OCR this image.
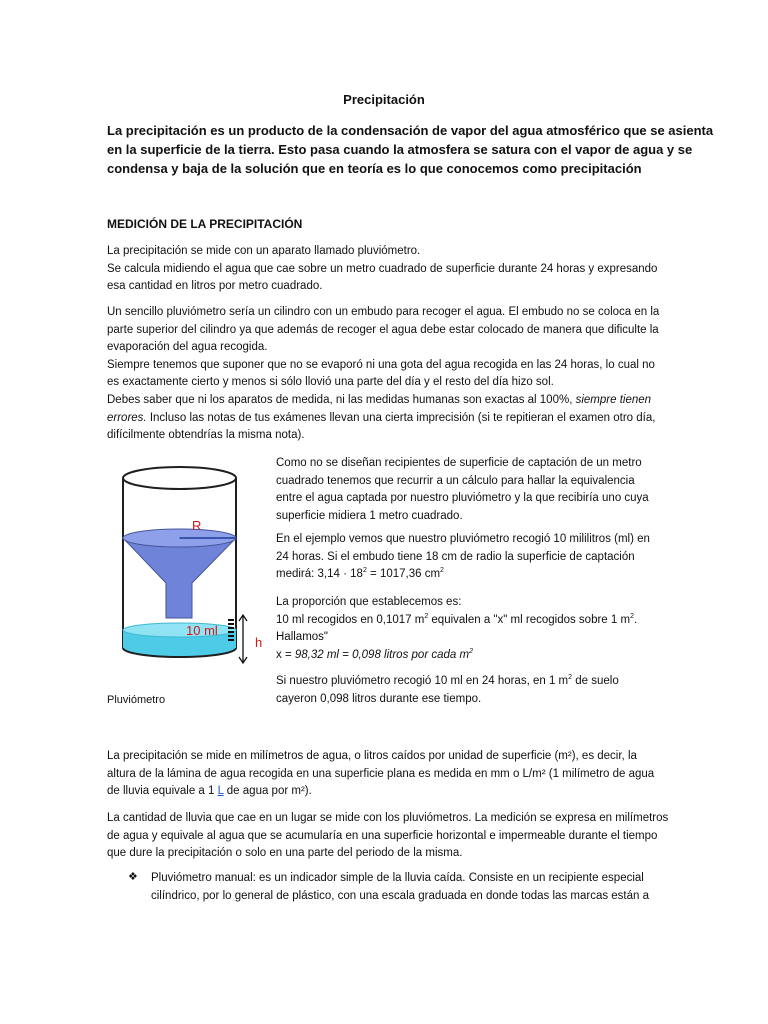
Precipitación
La precipitación es un producto de la condensación de vapor del agua atmosférico que se asienta
en la superficie de la tierra. Esto pasa cuando la atmosfera se satura con el vapor de agua y se
condensa y baja de la solución que en teoría es lo que conocemos como precipitación
MEDICIÓN DE LA PRECIPITACIÓN
La precipitación se mide con un aparato llamado pluviómetro.
Se calcula midiendo el agua que cae sobre un metro cuadrado de superficie durante 24 horas y expresando
esa cantidad en litros por metro cuadrado.
Un sencillo pluviómetro sería un cilindro con un embudo para recoger el agua. El embudo no se coloca en la
parte superior del cilindro ya que además de recoger el agua debe estar colocado de manera que dificulte la
evaporación del agua recogida.
Siempre tenemos que suponer que no se evaporó ni una gota del agua recogida en las 24 horas, lo cual no
es exactamente cierto y menos si sólo llovió una parte del día y el resto del día hizo sol.
Debes saber que ni los aparatos de medida, ni las medidas humanas son exactas al 100%, siempre tienen
errores. Incluso las notas de tus exámenes llevan una cierta imprecisión (si te repitieran el examen otro día,
difícilmente obtendrías la misma nota).
R
10 ml
h
Pluviómetro
Como no se diseñan recipientes de superficie de captación de un metro
cuadrado tenemos que recurrir a un cálculo para hallar la equivalencia
entre el agua captada por nuestro pluviómetro y la que recibiría uno cuya
superficie midiera 1 metro cuadrado.
En el ejemplo vemos que nuestro pluviómetro recogió 10 mililitros (ml) en
24 horas. Si el embudo tiene 18 cm de radio la superficie de captación
medirá: $3,14 \cdot 18^2 = 1017,36$ $cm^2$
La proporción que establecemos es:
10 ml recogidos en 0,1017 $m^2$ equivalen a "x" ml recogidos sobre 1 $m^2$.
Hallamos"
x = 98,32 ml = 0,098 litros por cada $m^2$
Si nuestro pluviómetro recogió 10 ml en 24 horas, en 1 $m^2$ de suelo
cayeron 0,098 litros durante ese tiempo.
La precipitación se mide en milímetros de agua, o litros caídos por unidad de superficie (m²), es decir, la
altura de la lámina de agua recogida en una superficie plana es medida en mm o L/m² (1 milímetro de agua
de lluvia equivale a 1 L de agua por m²).
La cantidad de lluvia que cae en un lugar se mide con los pluviómetros. La medición se expresa en milímetros
de agua y equivale al agua que se acumularía en una superficie horizontal e impermeable durante el tiempo
que dure la precipitación o solo en una parte del periodo de la misma.
❖ Pluviómetro manual: es un indicador simple de la lluvia caída. Consiste en un recipiente especial
cilíndrico, por lo general de plástico, con una escala graduada en donde todas las marcas están a
